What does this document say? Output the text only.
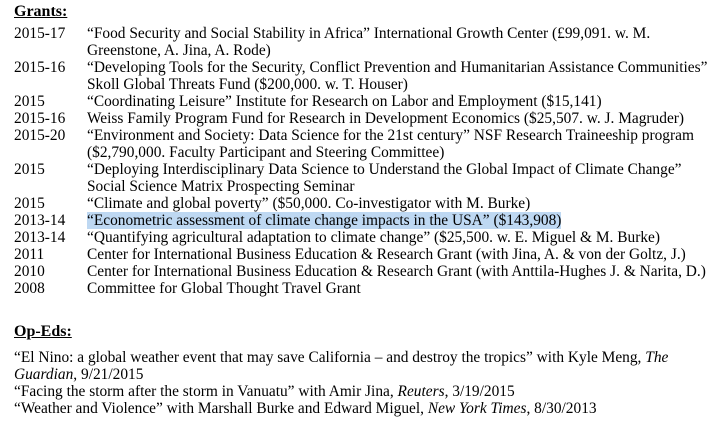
Grants:
2015-17	“Food Security and Social Stability in Africa” International Growth Center (£99,091. w. M.
Greenstone, A. Jina, A. Rode)
2015-16	“Developing Tools for the Security, Conflict Prevention and Humanitarian Assistance Communities”
Skoll Global Threats Fund ($200,000. w. T. Houser)
2015	“Coordinating Leisure” Institute for Research on Labor and Employment ($15,141)
2015-16	Weiss Family Program Fund for Research in Development Economics ($25,507. w. J. Magruder)
2015-20	“Environment and Society: Data Science for the 21st century” NSF Research Traineeship program
($2,790,000. Faculty Participant and Steering Committee)
2015	“Deploying Interdisciplinary Data Science to Understand the Global Impact of Climate Change”
Social Science Matrix Prospecting Seminar
2015	“Climate and global poverty” ($50,000. Co-investigator with M. Burke)
2013-14	“Econometric assessment of climate change impacts in the USA” ($143,908)
2013-14	“Quantifying agricultural adaptation to climate change” ($25,500. w. E. Miguel & M. Burke)
2011	Center for International Business Education & Research Grant (with Jina, A. & von der Goltz, J.)
2010	Center for International Business Education & Research Grant (with Anttila-Hughes J. & Narita, D.)
2008	Committee for Global Thought Travel Grant
Op-Eds:
“El Nino: a global weather event that may save California – and destroy the tropics” with Kyle Meng, The
Guardian, 9/21/2015
“Facing the storm after the storm in Vanuatu” with Amir Jina, Reuters, 3/19/2015
“Weather and Violence” with Marshall Burke and Edward Miguel, New York Times, 8/30/2013
